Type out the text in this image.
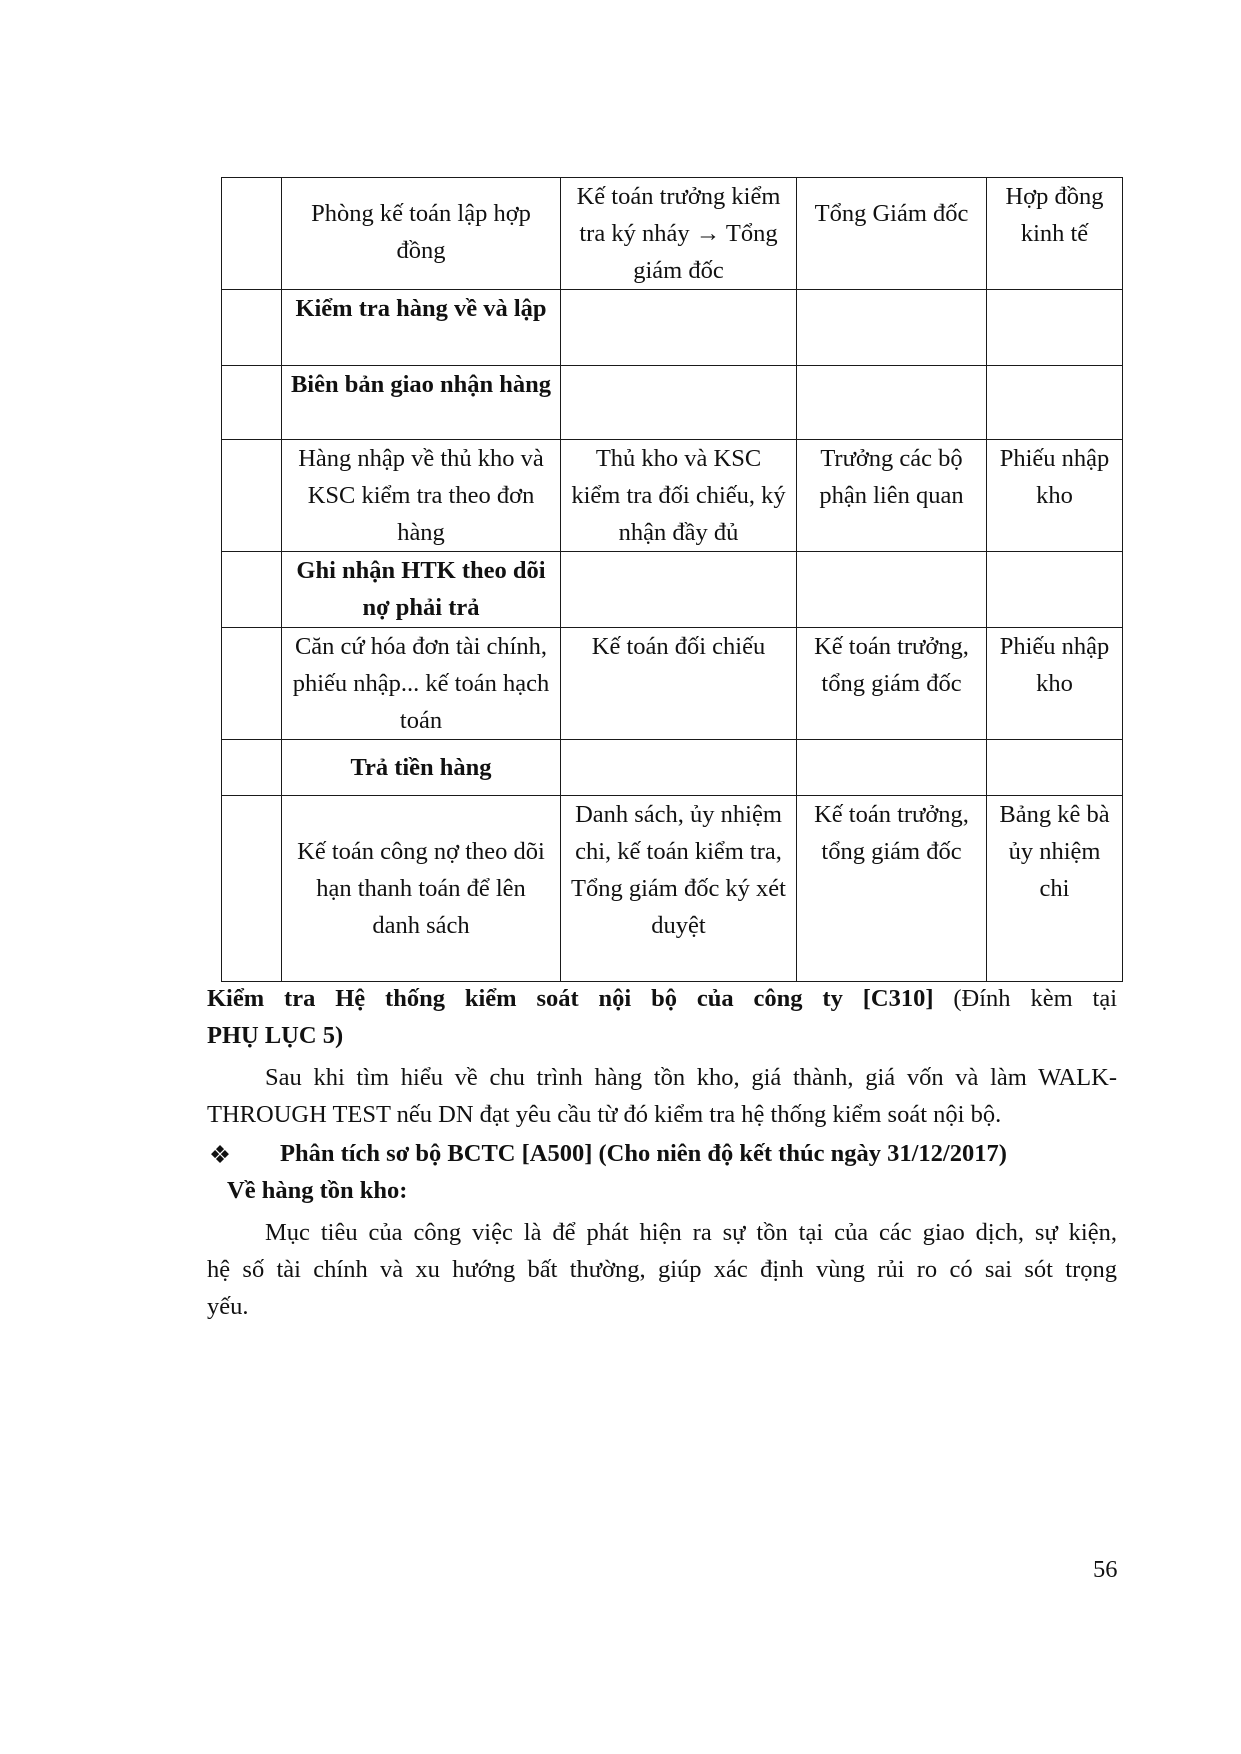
	Phòng kế toán lập hợp đồng	Kế toán trưởng kiểm tra ký nháy → Tổng giám đốc	Tổng Giám đốc	Hợp đồng kinh tế

	Kiểm tra hàng về và lập			

	Biên bản giao nhận hàng			

	Hàng nhập về thủ kho và KSC kiểm tra theo đơn hàng	Thủ kho và KSC kiểm tra đối chiếu, ký nhận đầy đủ	Trưởng các bộ phận liên quan	Phiếu nhập kho

	Ghi nhận HTK theo dõi nợ phải trả			

	Căn cứ hóa đơn tài chính, phiếu nhập... kế toán hạch toán	Kế toán đối chiếu	Kế toán trưởng, tổng giám đốc	Phiếu nhập kho

	Trả tiền hàng			

	Kế toán công nợ theo dõi hạn thanh toán để lên danh sách	Danh sách, ủy nhiệm chi, kế toán kiểm tra, Tổng giám đốc ký xét duyệt	Kế toán trưởng, tổng giám đốc	Bảng kê bà ủy nhiệm chi
Kiểm tra Hệ thống kiểm soát nội bộ của công ty [C310] (Đính kèm tại
PHỤ LỤC 5)
Sau khi tìm hiểu về chu trình hàng tồn kho, giá thành, giá vốn và làm WALK-
THROUGH TEST nếu DN đạt yêu cầu từ đó kiểm tra hệ thống kiểm soát nội bộ.
❖	Phân tích sơ bộ BCTC [A500] (Cho niên độ kết thúc ngày 31/12/2017)
Về hàng tồn kho:
Mục tiêu của công việc là để phát hiện ra sự tồn tại của các giao dịch, sự kiện,
hệ số tài chính và xu hướng bất thường, giúp xác định vùng rủi ro có sai sót trọng
yếu.
56
